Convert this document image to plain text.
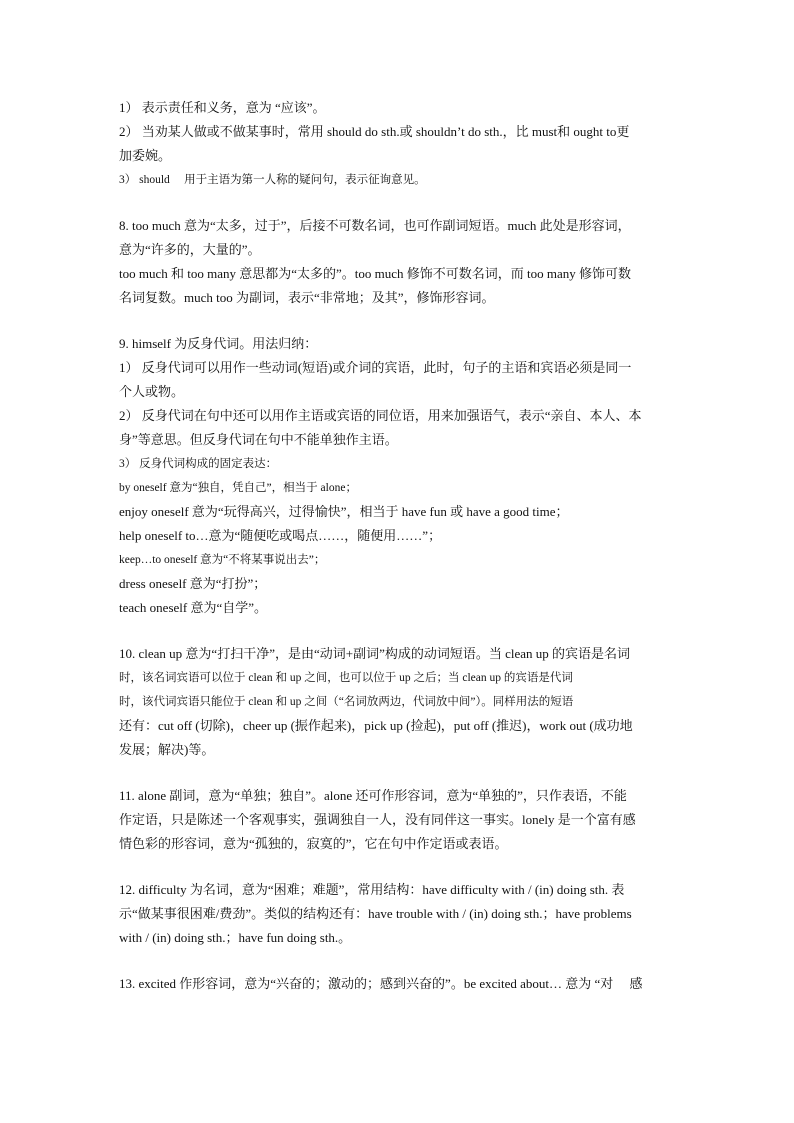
1） 表示责任和义务，意为 “应该”。
2） 当劝某人做或不做某事时，常用 should do sth.或 shouldn’t do sth.，比 must和 ought to更
加委婉。
3） should　 用于主语为第一人称的疑问句，表示征询意见。
8. too much 意为“太多，过于”，后接不可数名词，也可作副词短语。much 此处是形容词，
意为“许多的，大量的”。
too much 和 too many 意思都为“太多的”。too much 修饰不可数名词，而 too many 修饰可数
名词复数。much too 为副词，表示“非常地；及其”，修饰形容词。
9. himself 为反身代词。用法归纳：
1） 反身代词可以用作一些动词(短语)或介词的宾语，此时，句子的主语和宾语必须是同一
个人或物。
2） 反身代词在句中还可以用作主语或宾语的同位语，用来加强语气，表示“亲自、本人、本
身”等意思。但反身代词在句中不能单独作主语。
3） 反身代词构成的固定表达：
by oneself 意为“独自，凭自己”，相当于 alone；
enjoy oneself 意为“玩得高兴，过得愉快”，相当于 have fun 或 have a good time；
help oneself to…意为“随便吃或喝点……，随便用……”；
keep…to oneself 意为“不将某事说出去”；
dress oneself 意为“打扮”；
teach oneself 意为“自学”。
10. clean up 意为“打扫干净”，是由“动词+副词”构成的动词短语。当 clean up 的宾语是名词
时，该名词宾语可以位于 clean 和 up 之间，也可以位于 up 之后；当 clean up 的宾语是代词
时，该代词宾语只能位于 clean 和 up 之间（“名词放两边，代词放中间”）。同样用法的短语
还有：cut off (切除)，cheer up (振作起来)，pick up (捡起)，put off (推迟)，work out (成功地
发展；解决)等。
11. alone 副词，意为“单独；独自”。alone 还可作形容词，意为“单独的”，只作表语，不能
作定语，只是陈述一个客观事实，强调独自一人，没有同伴这一事实。lonely 是一个富有感
情色彩的形容词，意为“孤独的，寂寞的”，它在句中作定语或表语。
12. difficulty 为名词，意为“困难；难题”，常用结构：have difficulty with / (in) doing sth. 表
示“做某事很困难/费劲”。类似的结构还有：have trouble with / (in) doing sth.；have problems
with / (in) doing sth.；have fun doing sth.。
13. excited 作形容词，意为“兴奋的；激动的；感到兴奋的”。be excited about… 意为 “对　 感
